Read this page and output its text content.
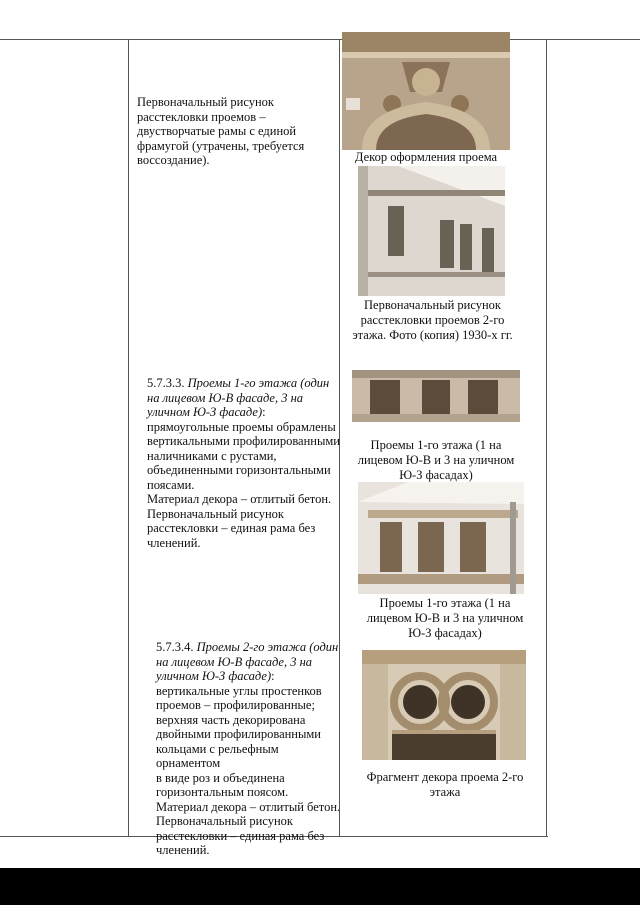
Первоначальный рисунок расстекловки проемов – двустворчатые рамы с единой фрамугой (утрачены, требуется воссоздание).	Декор оформления проема
Первоначальный рисунок расстекловки проемов 2-го этажа. Фото (копия) 1930-х гг.
Проемы 1-го этажа (1 на лицевом Ю-В и 3 на уличном Ю-З фасадах)
Проемы 1-го этажа (1 на лицевом Ю-В и 3 на уличном Ю-З фасадах)
Фрагмент декора проема 2-го этажа
5.7.3.3. Проемы 1-го этажа (один на лицевом Ю-В фасаде, 3 на уличном Ю-З фасаде):
прямоугольные проемы обрамлены
вертикальными профилированными
наличниками с рустами,
объединенными горизонтальными
поясами.
Материал декора – отлитый бетон.
Первоначальный рисунок расстекловки – единая рама без членений.
5.7.3.4. Проемы 2-го этажа (один на лицевом Ю-В фасаде, 3 на уличном Ю-З фасаде):
вертикальные углы простенков
проемов – профилированные;
верхняя часть декорирована
двойными профилированными
кольцами с рельефным орнаментом
в виде роз и объединена
горизонтальным поясом.
Материал декора – отлитый бетон.
Первоначальный рисунок расстекловки – единая рама без членений.
